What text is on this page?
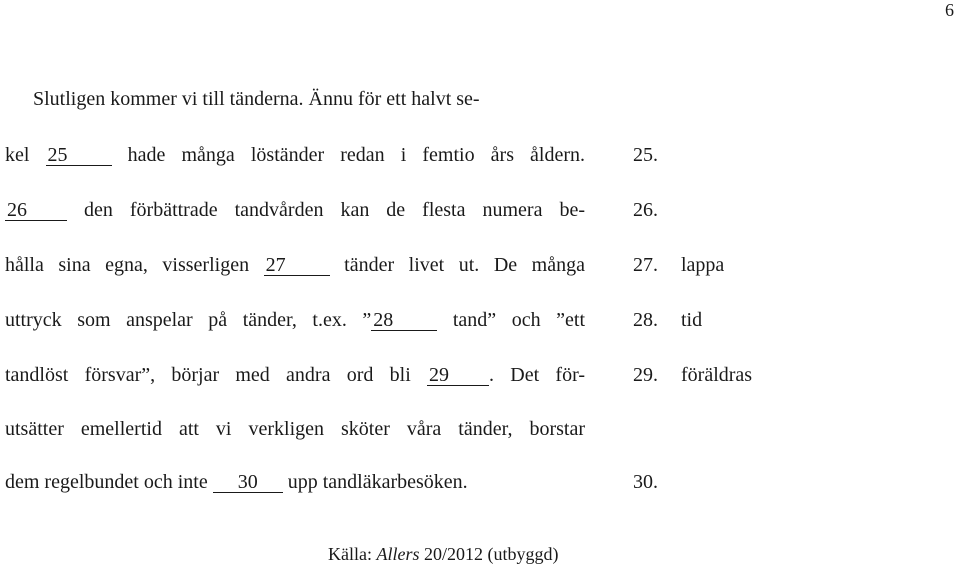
6
Slutligen kommer vi till tänderna. Ännu för ett halvt se-
kel 25	hade många löständer redan i femtio års åldern.
26	den förbättrade tandvården kan de flesta numera be-
hålla sina egna, visserligen 27	tänder livet ut. De många
uttryck som anspelar på tänder, t.ex. ” 28	tand” och ”ett
tandlöst försvar”, börjar med andra ord bli 29 . Det för-
utsätter emellertid att vi verkligen sköter våra tänder, borstar
dem regelbundet och inte 30 upp tandläkarbesöken.
25.
26.
27. lappa
28. tid
29. föräldras
30.
Källa: Allers 20/2012 (utbyggd)
